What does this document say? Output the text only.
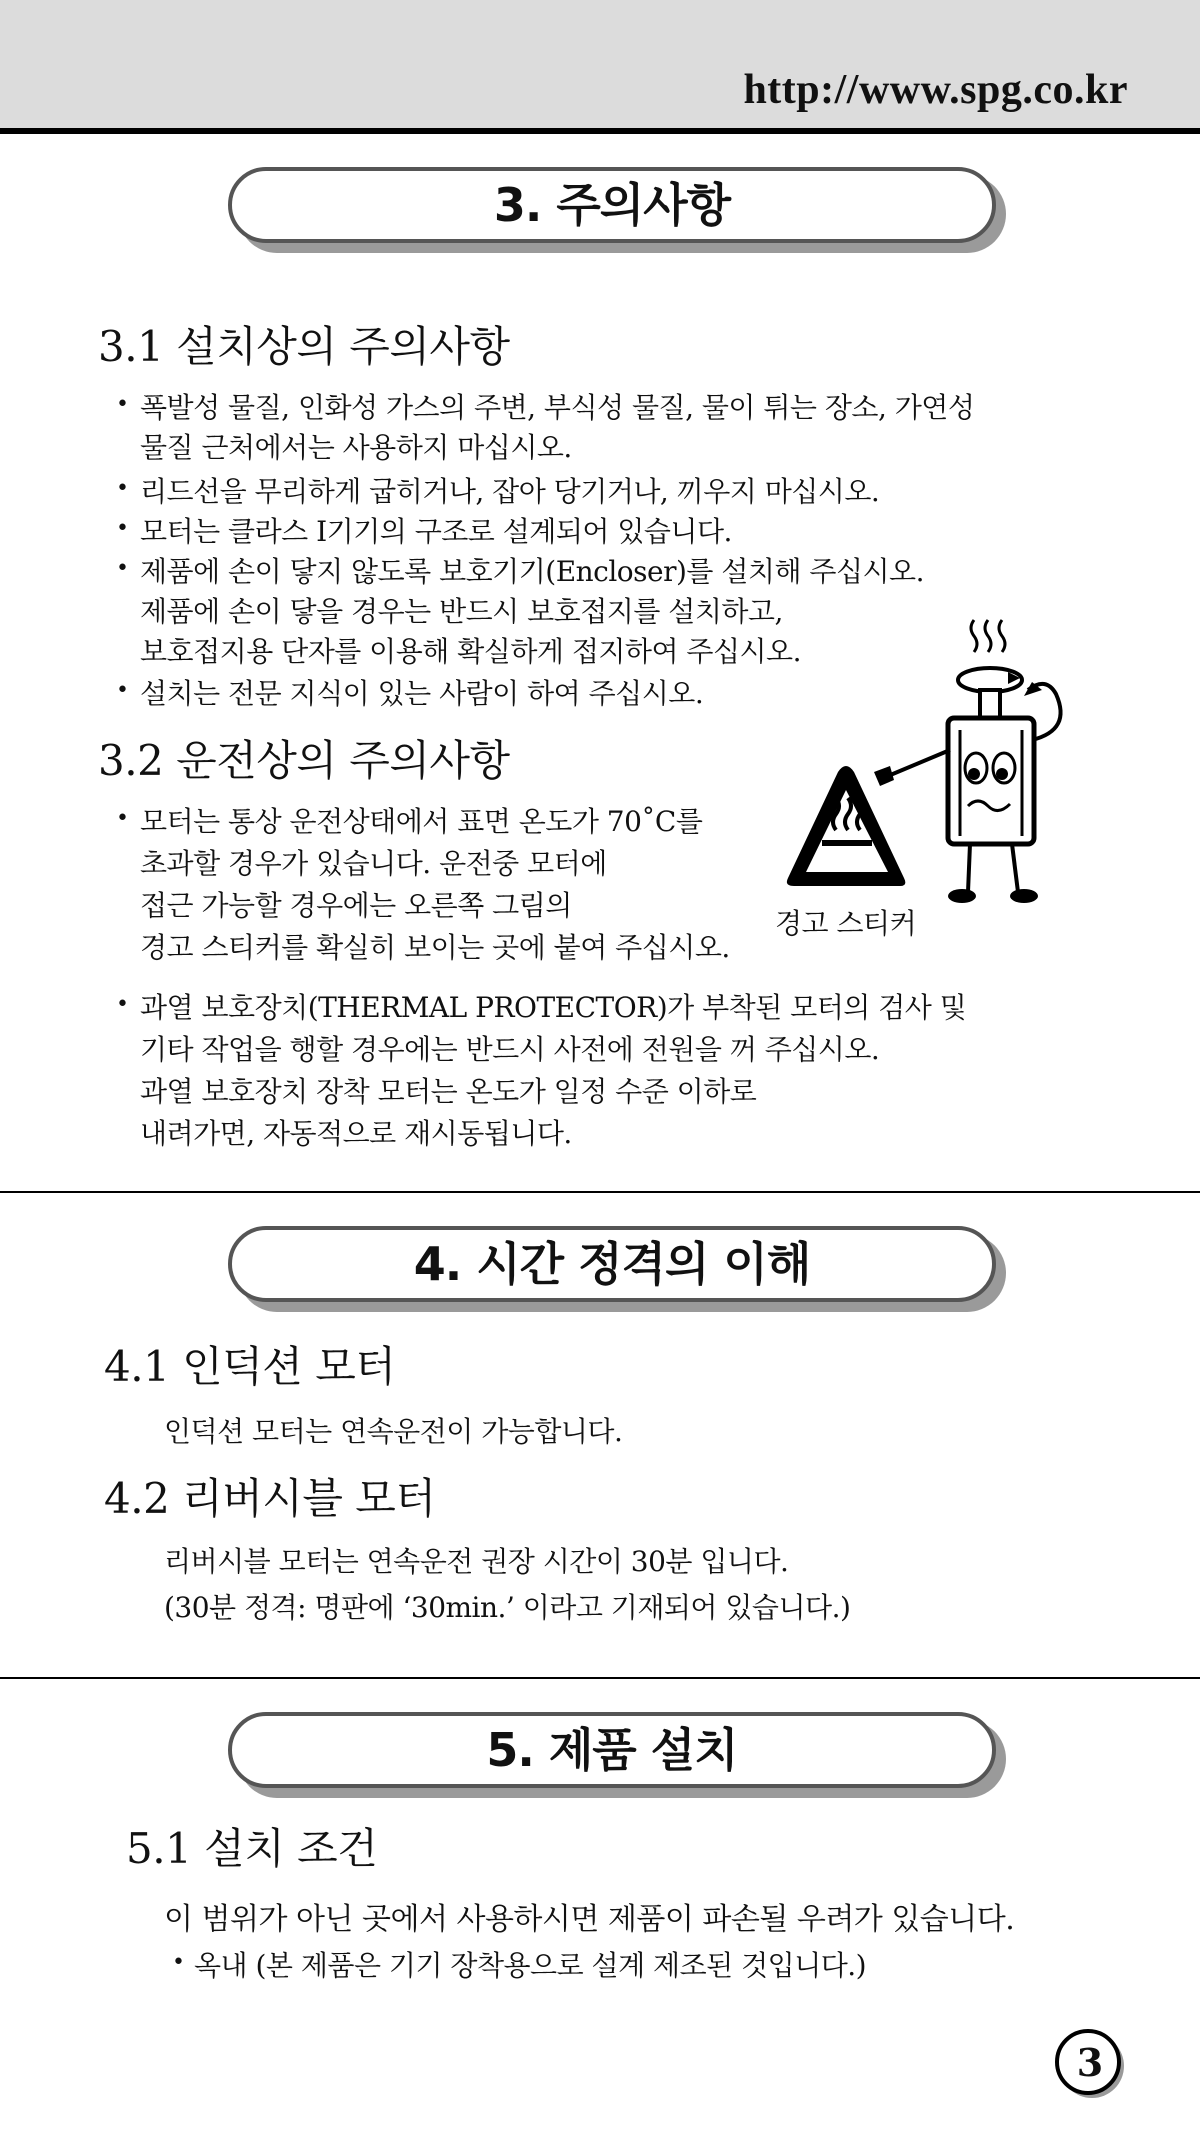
http://www.spg.co.kr
3. 주의사항
3.1 설치상의 주의사항
• 폭발성 물질, 인화성 가스의 주변, 부식성 물질, 물이 튀는 장소, 가연성
물질 근처에서는 사용하지 마십시오.
• 리드선을 무리하게 굽히거나, 잡아 당기거나, 끼우지 마십시오.
• 모터는 클라스 I기기의 구조로 설계되어 있습니다.
• 제품에 손이 닿지 않도록 보호기기(Encloser)를 설치해 주십시오.
제품에 손이 닿을 경우는 반드시 보호접지를 설치하고,
보호접지용 단자를 이용해 확실하게 접지하여 주십시오.
• 설치는 전문 지식이 있는 사람이 하여 주십시오.
3.2 운전상의 주의사항
• 모터는 통상 운전상태에서 표면 온도가 70˚C를
초과할 경우가 있습니다. 운전중 모터에
접근 가능할 경우에는 오른쪽 그림의
경고 스티커를 확실히 보이는 곳에 붙여 주십시오.
경고 스티커
• 과열 보호장치(THERMAL PROTECTOR)가 부착된 모터의 검사 및
기타 작업을 행할 경우에는 반드시 사전에 전원을 꺼 주십시오.
과열 보호장치 장착 모터는 온도가 일정 수준 이하로
내려가면, 자동적으로 재시동됩니다.
4. 시간 정격의 이해
4.1 인덕션 모터
인덕션 모터는 연속운전이 가능합니다.
4.2 리버시블 모터
리버시블 모터는 연속운전 권장 시간이 30분 입니다.
(30분 정격: 명판에 ‘30min.’ 이라고 기재되어 있습니다.)
5. 제품 설치
5.1 설치 조건
이 범위가 아닌 곳에서 사용하시면 제품이 파손될 우려가 있습니다.
• 옥내 (본 제품은 기기 장착용으로 설계 제조된 것입니다.)
3
